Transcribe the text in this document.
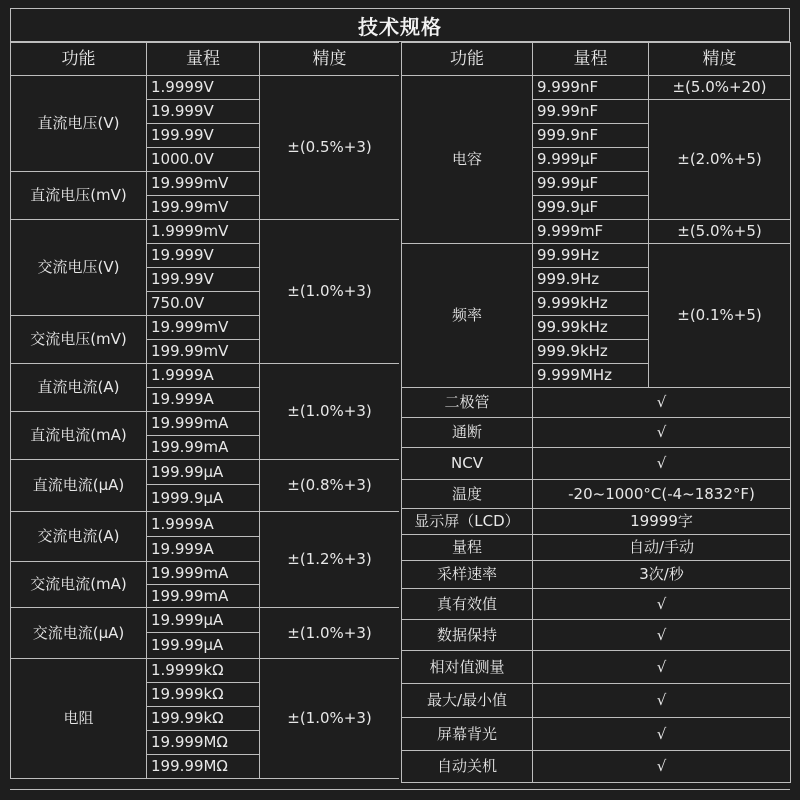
技术规格
功能	量程	精度
直流电压(V)	1.9999V	±(0.5%+3)
	19.999V	
	199.99V	
	1000.0V	
直流电压(mV)	19.999mV	
	199.99mV	
交流电压(V)	1.9999mV	±(1.0%+3)
	19.999V	
	199.99V	
	750.0V	
交流电压(mV)	19.999mV	
	199.99mV	
直流电流(A)	1.9999A	±(1.0%+3)
	19.999A	
直流电流(mA)	19.999mA	
	199.99mA	
直流电流(μA)	199.99μA	±(0.8%+3)
	1999.9μA	
交流电流(A)	1.9999A	±(1.2%+3)
	19.999A	
交流电流(mA)	19.999mA	
	199.99mA	
交流电流(μA)	19.999μA	±(1.0%+3)
	199.99μA	
电阻	1.9999kΩ	±(1.0%+3)
	19.999kΩ	
	199.99kΩ	
	19.999MΩ	
	199.99MΩ	
功能	量程	精度
电容	9.999nF	±(5.0%+20)
	99.99nF	±(2.0%+5)
	999.9nF	
	9.999μF	
	99.99μF	
	999.9μF	
	9.999mF	±(5.0%+5)
频率	99.99Hz	±(0.1%+5)
	999.9Hz	
	9.999kHz	
	99.99kHz	
	999.9kHz	
	9.999MHz	
二极管	√	
通断	√	
NCV	√	
温度	-20~1000°C(-4~1832°F)	
显示屏（LCD）	19999字	
量程	自动/手动	
采样速率	3次/秒	
真有效值	√	
数据保持	√	
相对值测量	√	
最大/最小值	√	
屏幕背光	√	
自动关机	√	
